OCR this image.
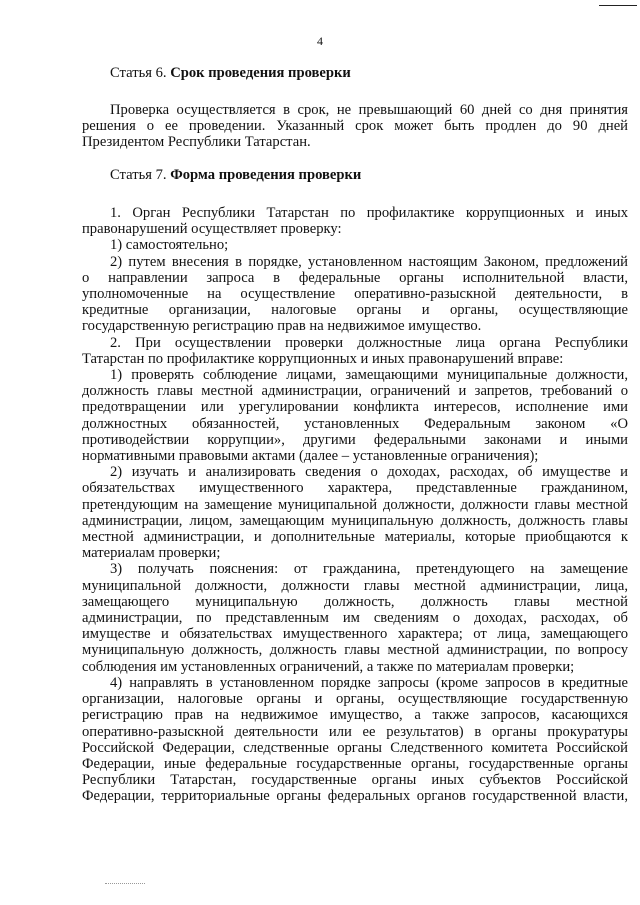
4
Статья 6. Срок проведения проверки
Проверка осуществляется в срок, не превышающий 60 дней со дня принятия
решения о ее проведении. Указанный срок может быть продлен до 90 дней
Президентом Республики Татарстан.
Статья 7. Форма проведения проверки
1. Орган Республики Татарстан по профилактике коррупционных и иных
правонарушений осуществляет проверку:
1) самостоятельно;
2) путем внесения в порядке, установленном настоящим Законом, предложений
о направлении запроса в федеральные органы исполнительной власти,
уполномоченные на осуществление оперативно-разыскной деятельности, в
кредитные организации, налоговые органы и органы, осуществляющие
государственную регистрацию прав на недвижимое имущество.
2. При осуществлении проверки должностные лица органа Республики
Татарстан по профилактике коррупционных и иных правонарушений вправе:
1) проверять соблюдение лицами, замещающими муниципальные должности,
должность главы местной администрации, ограничений и запретов, требований о
предотвращении или урегулировании конфликта интересов, исполнение ими
должностных обязанностей, установленных Федеральным законом «О
противодействии коррупции», другими федеральными законами и иными
нормативными правовыми актами (далее – установленные ограничения);
2) изучать и анализировать сведения о доходах, расходах, об имуществе и
обязательствах имущественного характера, представленные гражданином,
претендующим на замещение муниципальной должности, должности главы местной
администрации, лицом, замещающим муниципальную должность, должность главы
местной администрации, и дополнительные материалы, которые приобщаются к
материалам проверки;
3) получать пояснения: от гражданина, претендующего на замещение
муниципальной должности, должности главы местной администрации, лица,
замещающего муниципальную должность, должность главы местной
администрации, по представленным им сведениям о доходах, расходах, об
имуществе и обязательствах имущественного характера; от лица, замещающего
муниципальную должность, должность главы местной администрации, по вопросу
соблюдения им установленных ограничений, а также по материалам проверки;
4) направлять в установленном порядке запросы (кроме запросов в кредитные
организации, налоговые органы и органы, осуществляющие государственную
регистрацию прав на недвижимое имущество, а также запросов, касающихся
оперативно-разыскной деятельности или ее результатов) в органы прокуратуры
Российской Федерации, следственные органы Следственного комитета Российской
Федерации, иные федеральные государственные органы, государственные органы
Республики Татарстан, государственные органы иных субъектов Российской
Федерации, территориальные органы федеральных органов государственной власти,
